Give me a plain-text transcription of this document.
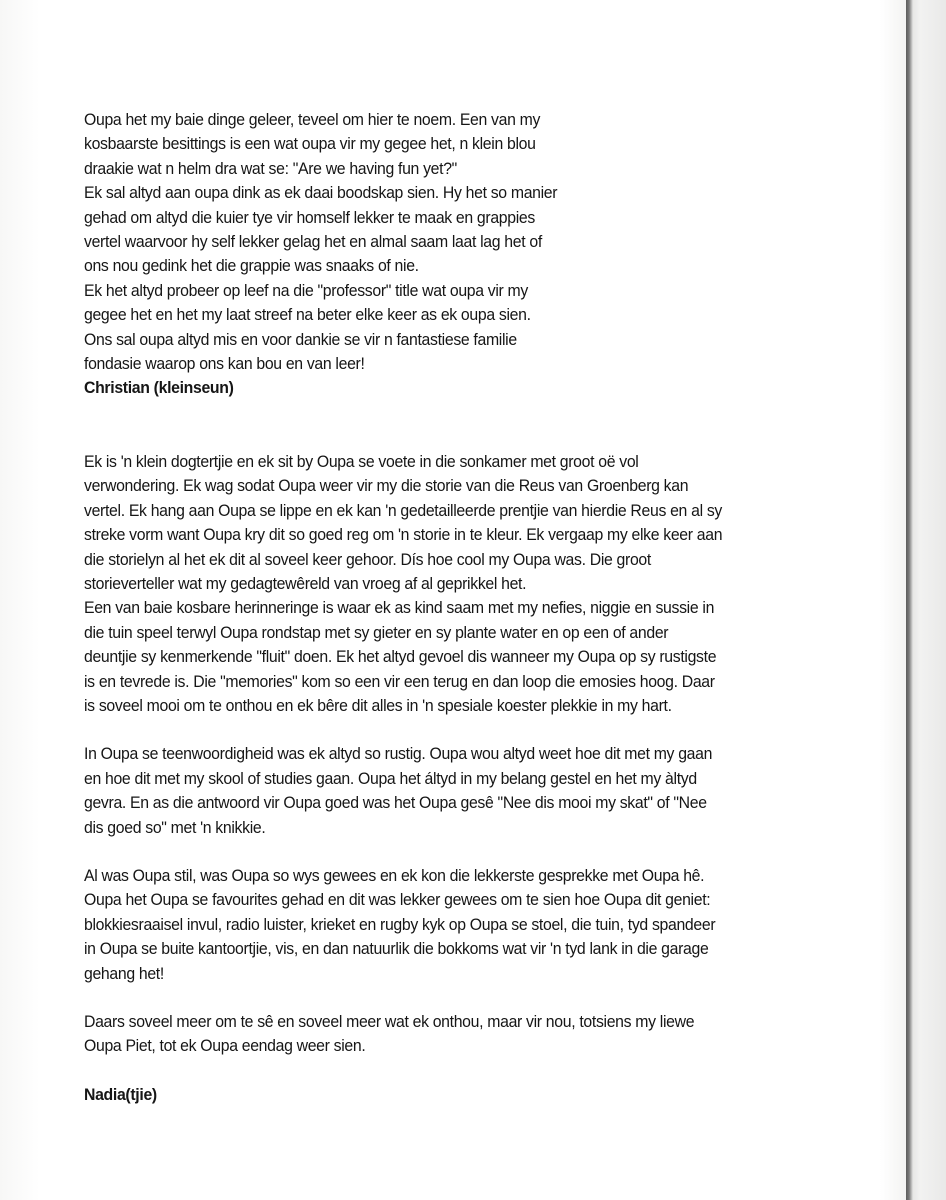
Oupa het my baie dinge geleer, teveel om hier te noem. Een van my
kosbaarste besittings is een wat oupa vir my gegee het, n klein blou
draakie wat n helm dra wat se: "Are we having fun yet?"
Ek sal altyd aan oupa dink as ek daai boodskap sien. Hy het so manier
gehad om altyd die kuier tye vir homself lekker te maak en grappies
vertel waarvoor hy self lekker gelag het en almal saam laat lag het of
ons nou gedink het die grappie was snaaks of nie.
Ek het altyd probeer op leef na die "professor" title wat oupa vir my
gegee het en het my laat streef na beter elke keer as ek oupa sien.
Ons sal oupa altyd mis en voor dankie se vir n fantastiese familie
fondasie waarop ons kan bou en van leer!
Christian (kleinseun)
Ek is 'n klein dogtertjie en ek sit by Oupa se voete in die sonkamer met groot oë vol
verwondering. Ek wag sodat Oupa weer vir my die storie van die Reus van Groenberg kan
vertel. Ek hang aan Oupa se lippe en ek kan 'n gedetailleerde prentjie van hierdie Reus en al sy
streke vorm want Oupa kry dit so goed reg om 'n storie in te kleur. Ek vergaap my elke keer aan
die storielyn al het ek dit al soveel keer gehoor. Dís hoe cool my Oupa was. Die groot
storieverteller wat my gedagtewêreld van vroeg af al geprikkel het.
Een van baie kosbare herinneringe is waar ek as kind saam met my nefies, niggie en sussie in
die tuin speel terwyl Oupa rondstap met sy gieter en sy plante water en op een of ander
deuntjie sy kenmerkende "fluit" doen. Ek het altyd gevoel dis wanneer my Oupa op sy rustigste
is en tevrede is. Die "memories" kom so een vir een terug en dan loop die emosies hoog. Daar
is soveel mooi om te onthou en ek bêre dit alles in 'n spesiale koester plekkie in my hart.
In Oupa se teenwoordigheid was ek altyd so rustig. Oupa wou altyd weet hoe dit met my gaan
en hoe dit met my skool of studies gaan. Oupa het áltyd in my belang gestel en het my àltyd
gevra. En as die antwoord vir Oupa goed was het Oupa gesê "Nee dis mooi my skat" of "Nee
dis goed so" met 'n knikkie.
Al was Oupa stil, was Oupa so wys gewees en ek kon die lekkerste gesprekke met Oupa hê.
Oupa het Oupa se favourites gehad en dit was lekker gewees om te sien hoe Oupa dit geniet:
blokkiesraaisel invul, radio luister, krieket en rugby kyk op Oupa se stoel, die tuin, tyd spandeer
in Oupa se buite kantoortjie, vis, en dan natuurlik die bokkoms wat vir 'n tyd lank in die garage
gehang het!
Daars soveel meer om te sê en soveel meer wat ek onthou, maar vir nou, totsiens my liewe
Oupa Piet, tot ek Oupa eendag weer sien.
Nadia(tjie)
